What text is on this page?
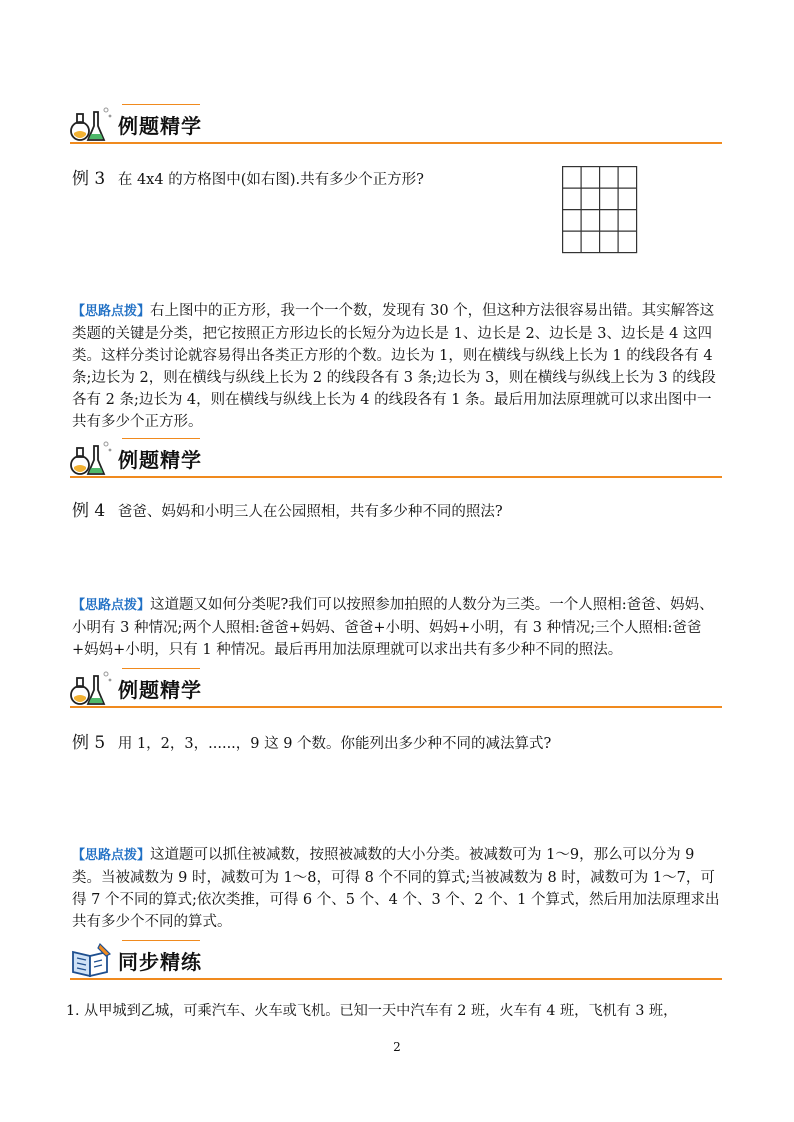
例题精学
例 3 在 4x4 的方格图中(如右图).共有多少个正方形?
【思路点拨】右上图中的正方形，我一个一个数，发现有 30 个，但这种方法很容易出错。其实解答这类题的关键是分类，把它按照正方形边长的长短分为边长是 1、边长是 2、边长是 3、边长是 4 这四类。这样分类讨论就容易得出各类正方形的个数。边长为 1，则在横线与纵线上长为 1 的线段各有 4 条;边长为 2，则在横线与纵线上长为 2 的线段各有 3 条;边长为 3，则在横线与纵线上长为 3 的线段各有 2 条;边长为 4，则在横线与纵线上长为 4 的线段各有 1 条。最后用加法原理就可以求出图中一共有多少个正方形。
例题精学
例 4 爸爸、妈妈和小明三人在公园照相，共有多少种不同的照法?
【思路点拨】这道题又如何分类呢?我们可以按照参加拍照的人数分为三类。一个人照相:爸爸、妈妈、小明有 3 种情况;两个人照相:爸爸+妈妈、爸爸+小明、妈妈+小明，有 3 种情况;三个人照相:爸爸+妈妈+小明，只有 1 种情况。最后再用加法原理就可以求出共有多少种不同的照法。
例题精学
例 5 用 1，2，3，......，9 这 9 个数。你能列出多少种不同的减法算式?
【思路点拨】这道题可以抓住被减数，按照被减数的大小分类。被减数可为 1～9，那么可以分为 9 类。当被减数为 9 时，减数可为 1～8，可得 8 个不同的算式;当被减数为 8 时，减数可为 1～7，可得 7 个不同的算式;依次类推，可得 6 个、5 个、4 个、3 个、2 个、1 个算式，然后用加法原理求出共有多少个不同的算式。
同步精练
1. 从甲城到乙城，可乘汽车、火车或飞机。已知一天中汽车有 2 班，火车有 4 班，飞机有 3 班，
2
